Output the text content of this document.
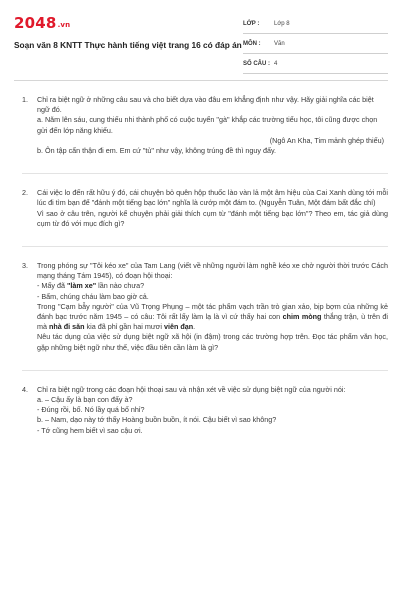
2048.vn
Soạn văn 8 KNTT Thực hành tiếng việt trang 16 có đáp án
LỚP :	Lớp 8
MÔN :	Văn
SỐ CÂU : 4
1. Chỉ ra biệt ngữ ở những câu sau và cho biết dựa vào đâu em khẳng định như vậy. Hãy giải nghĩa các biệt ngữ đó.
a. Năm lên sáu, cung thiếu nhi thành phố có cuộc tuyển "gà" khắp các trường tiểu học, tôi cũng được chọn gửi đến lớp năng khiếu.
(Ngô An Kha, Tim mảnh ghép thiếu)
b. Ôn tập cẩn thận đi em. Em cứ "tủ" như vậy, không trúng đề thì nguy đấy.
2. Cái việc lo đến rất hữu ý đó, cái chuyện bỏ quên hộp thuốc lào vàn lả một âm hiệu của Cai Xanh dùng tới mỗi lúc đi tìm bạn để "đánh một tiếng bạc lớn" nghĩa là cướp một đám to. (Nguyễn Tuân, Một đám bất đắc chí)
Vì sao ở câu trên, người kể chuyện phải giải thích cụm từ "đánh một tiếng bạc lớn"? Theo em, tác giả dùng cụm từ đó với mục đích gì?
3. Trong phóng sự "Tôi kéo xe" của Tam Lang (viết về những người làm nghề kéo xe chở người thời trước Cách mạng tháng Tám 1945), có đoạn hội thoại:
- Mấy đã "làm xe" lần nào chưa?
- Bẩm, chúng cháu làm bao giờ cả.
Trong "Cạm bẫy người" của Vũ Trọng Phụng – một tác phẩm vạch trần trò gian xảo, bịp bợm của những kẻ đánh bạc trước năm 1945 – có câu: Tôi rất lấy làm lạ là vì cứ thấy hai con chim mòng thắng trận, ù trên đi mà nhà đi săn kia đã phỉ gần hai mươi viên đạn.
Nêu tác dụng của việc sử dụng biệt ngữ xã hội (in đậm) trong các trường hợp trên. Đọc tác phẩm văn học, gặp những biệt ngữ như thế, việc đầu tiên cần làm là gì?
4. Chỉ ra biệt ngữ trong các đoạn hội thoại sau và nhận xét về việc sử dụng biệt ngữ của người nói:
a. – Cậu ấy là bạn con đấy à?
- Đúng rồi, bố. Nó lầy quá bố nhỉ?
b. – Nam, dạo này tớ thấy Hoàng buồn buồn, ít nói. Cậu biết vì sao không?
- Tớ cũng hem biết vì sao cậu ơi.
